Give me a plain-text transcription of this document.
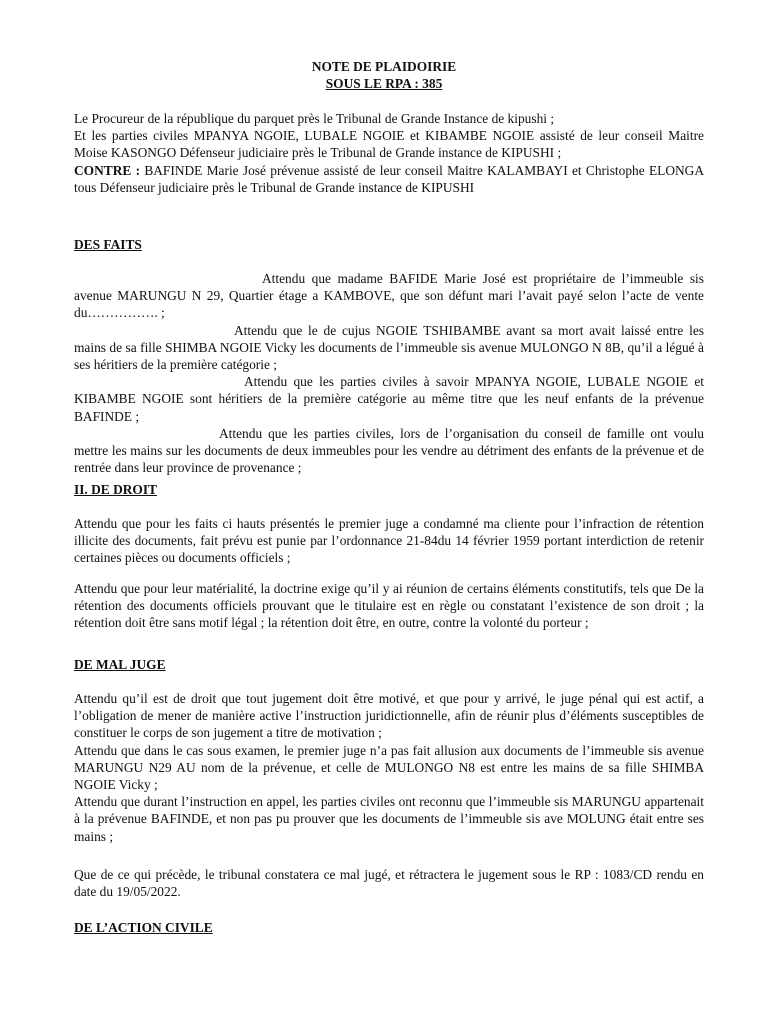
NOTE DE PLAIDOIRIE
SOUS LE RPA : 385

Le Procureur de la république du parquet près le Tribunal de Grande Instance de kipushi ;

Et les parties civiles MPANYA NGOIE, LUBALE NGOIE et KIBAMBE NGOIE assisté de leur conseil Maitre Moise KASONGO Défenseur judiciaire près le Tribunal de Grande instance de KIPUSHI ;

CONTRE : BAFINDE Marie José prévenue assisté de leur conseil Maitre KALAMBAYI et Christophe ELONGA tous Défenseur judiciaire près le Tribunal de Grande instance de KIPUSHI

DES FAITS

Attendu que madame BAFIDE Marie José est propriétaire de l’immeuble sis avenue MARUNGU N 29, Quartier étage a KAMBOVE, que son défunt mari l’avait payé selon l’acte de vente du……………. ;

Attendu que le de cujus NGOIE TSHIBAMBE avant sa mort avait laissé entre les mains de sa fille SHIMBA NGOIE Vicky les documents de l’immeuble sis avenue MULONGO N 8B, qu’il a légué à ses héritiers de la première catégorie ;

Attendu que les parties civiles à savoir MPANYA NGOIE, LUBALE NGOIE et KIBAMBE NGOIE sont héritiers de la première catégorie au même titre que les neuf enfants de la prévenue BAFINDE ;

Attendu que les parties civiles, lors de l’organisation du conseil de famille ont voulu mettre les mains sur les documents de deux immeubles pour les vendre au détriment des enfants de la prévenue et de rentrée dans leur province de provenance ;

II. DE DROIT

Attendu que pour les faits ci hauts présentés le premier juge a condamné ma cliente pour l’infraction de rétention illicite des documents, fait prévu est punie par l’ordonnance 21-84du 14 février 1959 portant interdiction de retenir certaines pièces ou documents officiels ;

Attendu que pour leur matérialité, la doctrine exige qu’il y ai réunion de certains éléments constitutifs, tels que De la rétention des documents officiels prouvant que le titulaire est en règle ou constatant l’existence de son droit ; la rétention doit être sans motif légal ; la rétention doit être, en outre, contre la volonté du porteur ;

DE MAL JUGE

Attendu qu’il est de droit que tout jugement doit être motivé, et que pour y arrivé, le juge pénal qui est actif, a l’obligation de mener de manière active l’instruction juridictionnelle, afin de réunir plus d’éléments susceptibles de constituer le corps de son jugement a titre de motivation ;

Attendu que dans le cas sous examen, le premier juge n’a pas fait allusion aux documents de l’immeuble sis avenue MARUNGU N29 AU nom de la prévenue, et celle de MULONGO N8 est entre les mains de sa fille SHIMBA NGOIE Vicky ;

Attendu que durant l’instruction en appel, les parties civiles ont reconnu que l’immeuble sis MARUNGU appartenait à la prévenue BAFINDE, et non pas pu prouver que les documents de l’immeuble sis ave MOLUNG était entre ses mains ;

Que de ce qui précède, le tribunal constatera ce mal jugé, et rétractera le jugement sous le RP : 1083/CD rendu en date du 19/05/2022.

DE L’ACTION CIVILE
